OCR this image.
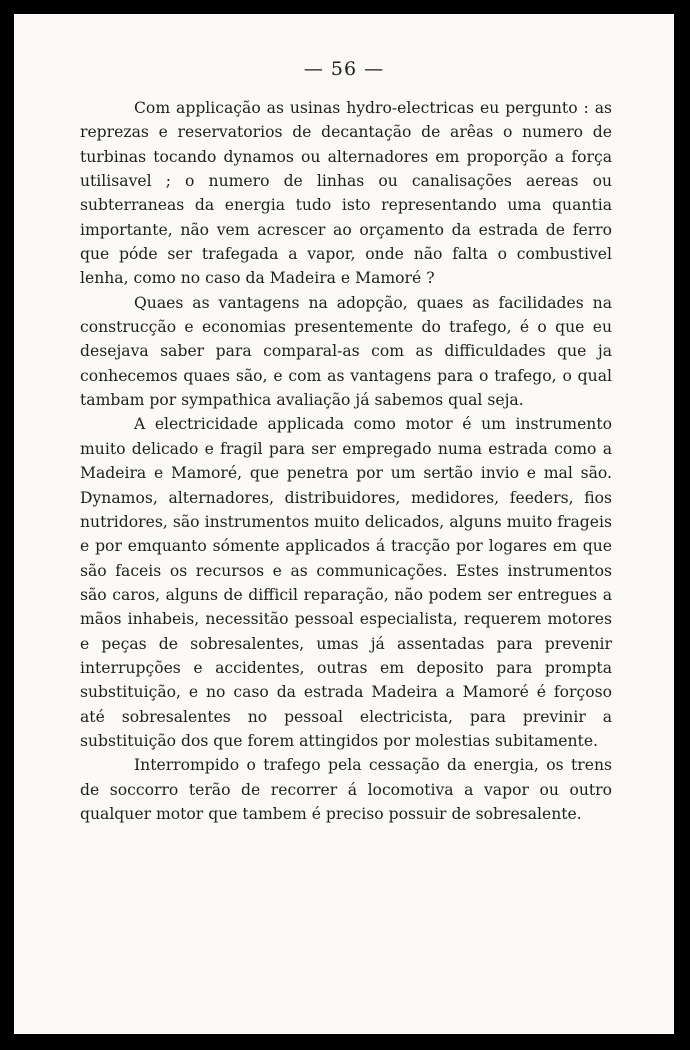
— 56 —

Com applicação as usinas hydro-electricas eu pergunto : as reprezas e reservatorios de decantação de arêas o numero de turbinas tocando dynamos ou alternadores em proporção a força utilisavel ; o numero de linhas ou canalisações aereas ou subterraneas da energia tudo isto representando uma quantia importante, não vem acrescer ao orçamento da estrada de ferro que póde ser trafegada a vapor, onde não falta o combustivel lenha, como no caso da Madeira e Mamoré ?

Quaes as vantagens na adopção, quaes as facilidades na construcção e economias presentemente do trafego, é o que eu desejava saber para comparal-as com as difficuldades que ja conhecemos quaes são, e com as vantagens para o trafego, o qual tambam por sympathica avaliação já sabemos qual seja.

A electricidade applicada como motor é um instrumento muito delicado e fragil para ser empregado numa estrada como a Madeira e Mamoré, que penetra por um sertão invio e mal são. Dynamos, alternadores, distribuidores, medidores, feeders, fios nutridores, são instrumentos muito delicados, alguns muito frageis e por emquanto sómente applicados á tracção por logares em que são faceis os recursos e as communicações. Estes instrumentos são caros, alguns de difficil reparação, não podem ser entregues a mãos inhabeis, necessitão pessoal especialista, requerem motores e peças de sobresalentes, umas já assentadas para prevenir interrupções e accidentes, outras em deposito para prompta substituição, e no caso da estrada Madeira a Mamoré é forçoso até sobresalentes no pessoal electricista, para previnir a substituição dos que forem attingidos por molestias subitamente.

Interrompido o trafego pela cessação da energia, os trens de soccorro terão de recorrer á locomotiva a vapor ou outro qualquer motor que tambem é preciso possuir de sobresalente.
